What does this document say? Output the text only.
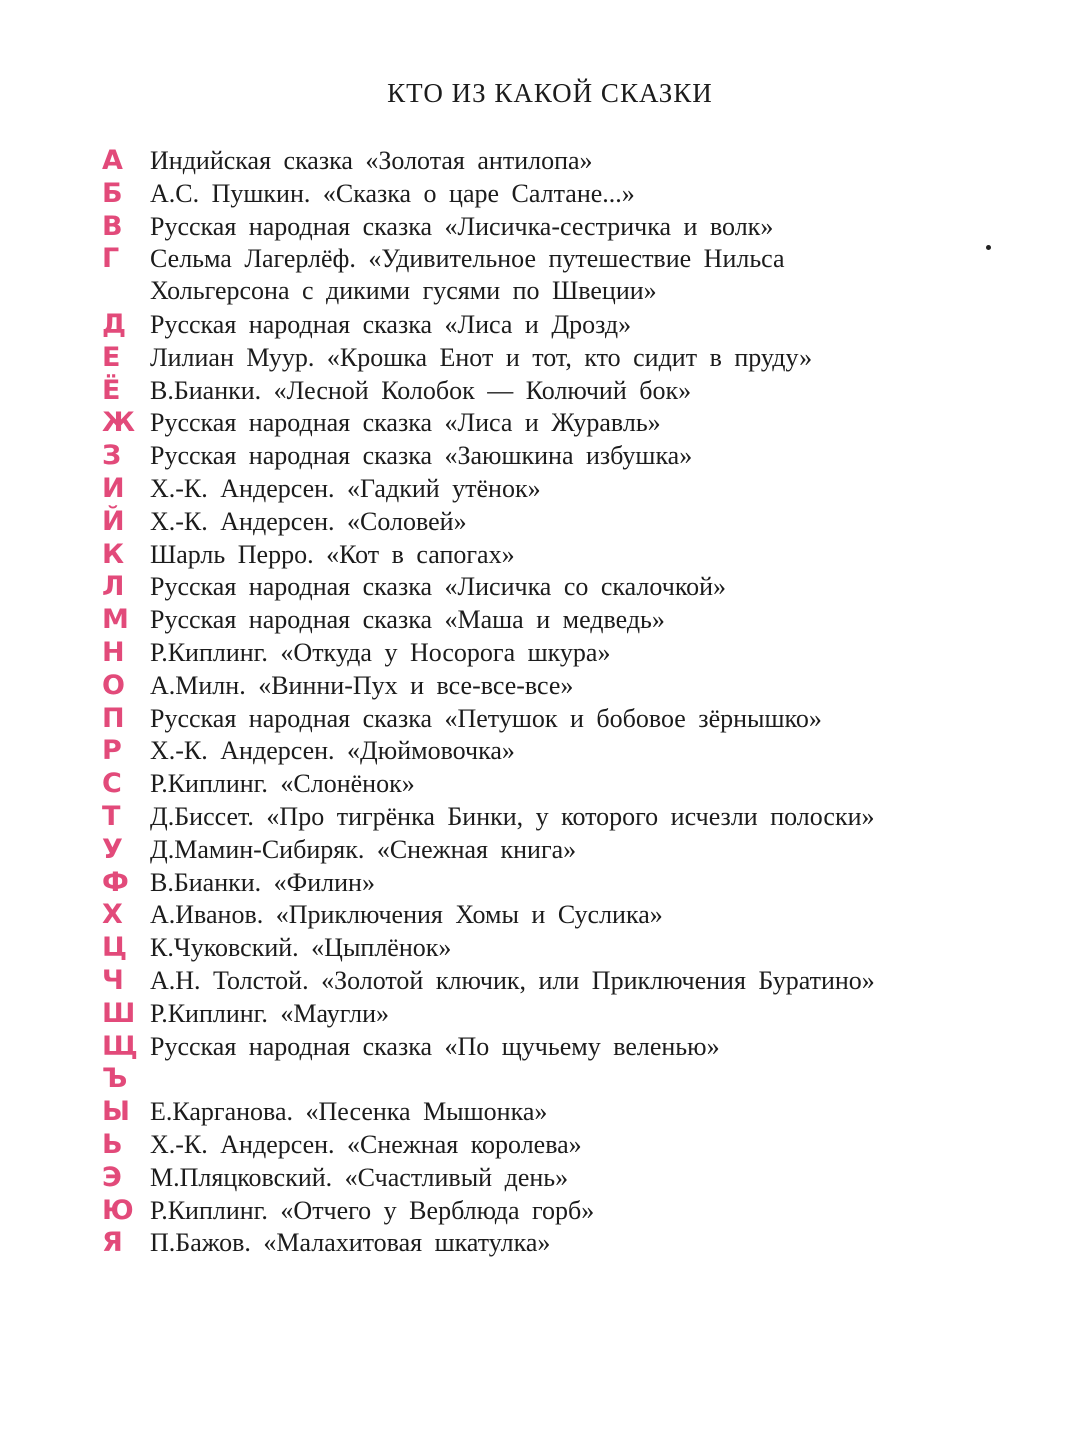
КТО ИЗ КАКОЙ СКАЗКИ
А	Индийская сказка «Золотая антилопа»
Б	А.С. Пушкин. «Сказка о царе Салтане...»
В	Русская народная сказка «Лисичка-сестричка и волк»
Г	Сельма Лагерлёф. «Удивительное путешествие Нильса
Хольгерсона с дикими гусями по Швеции»
Д Русская народная сказка «Лиса и Дрозд»
Е	Лилиан Муур. «Крошка Енот и тот, кто сидит в пруду»
Ё	В.Бианки. «Лесной Колобок — Колючий бок»
Ж Русская народная сказка «Лиса и Журавль»
З	Русская народная сказка «Заюшкина избушка»
И Х.-К. Андерсен. «Гадкий утёнок»
Й Х.-К. Андерсен. «Соловей»
К Шарль Перро. «Кот в сапогах»
Л Русская народная сказка «Лисичка со скалочкой»
М Русская народная сказка «Маша и медведь»
Н Р.Киплинг. «Откуда у Носорога шкура»
О А.Милн. «Винни-Пух и все-все-все»
П Русская народная сказка «Петушок и бобовое зёрнышко»
Р	Х.-К. Андерсен. «Дюймовочка»
С	Р.Киплинг. «Слонёнок»
Т	Д.Биссет. «Про тигрёнка Бинки, у которого исчезли полоски»
У	Д.Мамин-Сибиряк. «Снежная книга»
Ф В.Бианки. «Филин»
Х	А.Иванов. «Приключения Хомы и Суслика»
Ц К.Чуковский. «Цыплёнок»
Ч	А.Н. Толстой. «Золотой ключик, или Приключения Буратино»
Ш Р.Киплинг. «Маугли»
Щ Русская народная сказка «По щучьему веленью»
Ъ
Ы Е.Карганова. «Песенка Мышонка»
Ь	Х.-К. Андерсен. «Снежная королева»
Э	М.Пляцковский. «Счастливый день»
Ю Р.Киплинг. «Отчего у Верблюда горб»
Я	П.Бажов. «Малахитовая шкатулка»
